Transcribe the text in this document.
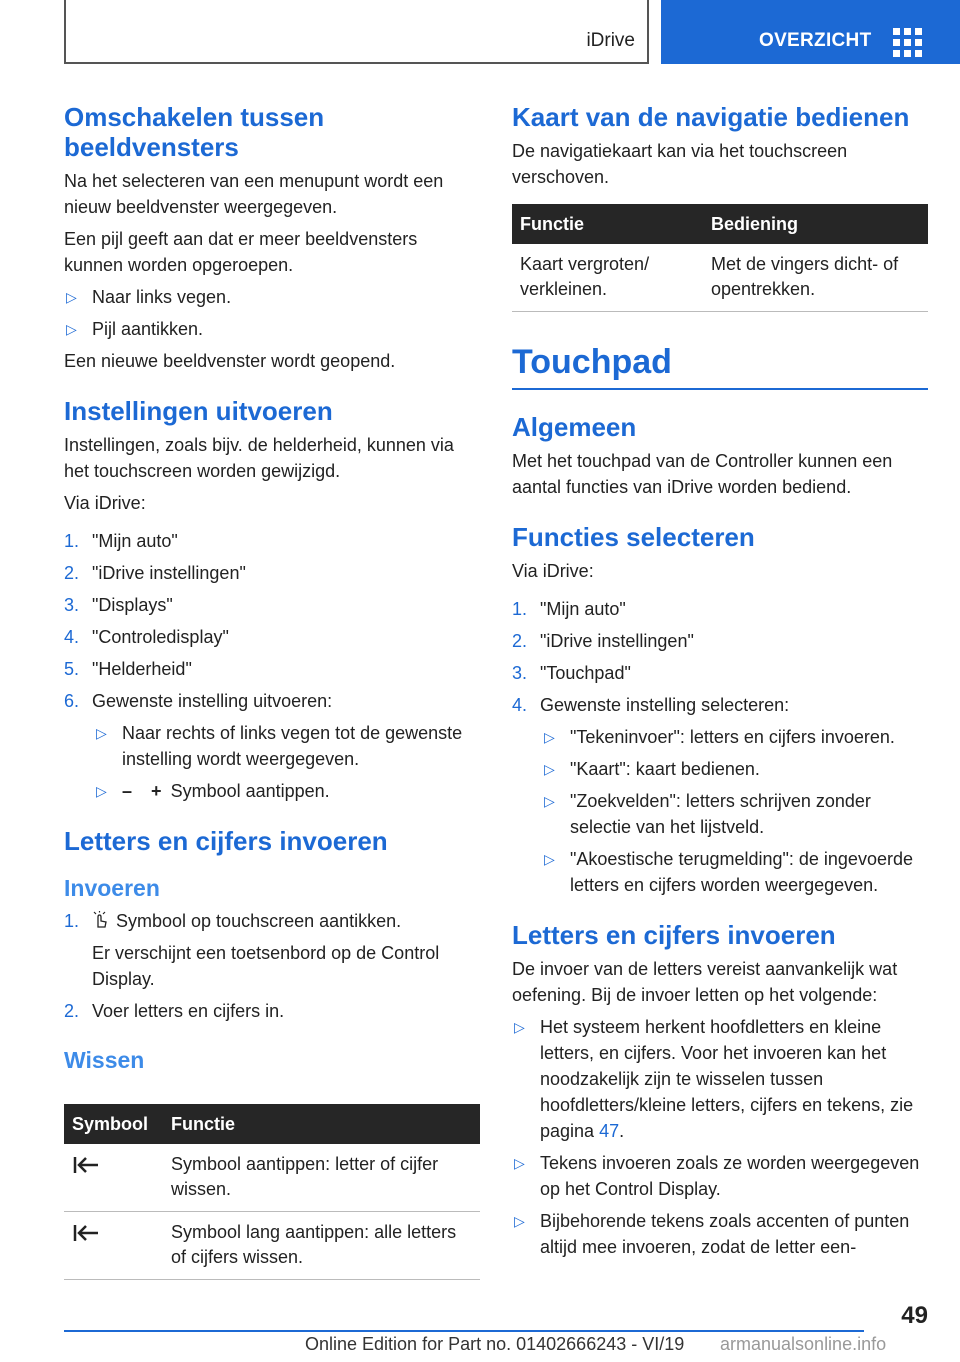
iDrive	OVERZICHT
Omschakelen tussen beeldvensters

Na het selecteren van een menupunt wordt een nieuw beeldvenster weergegeven.

Een pijl geeft aan dat er meer beeldvensters kunnen worden opgeroepen.

▷ Naar links vegen.
▷ Pijl aantikken.

Een nieuwe beeldvenster wordt geopend.

Instellingen uitvoeren

Instellingen, zoals bijv. de helderheid, kunnen via het touchscreen worden gewijzigd.

Via iDrive:

1. "Mijn auto"
2. "iDrive instellingen"
3. "Displays"
4. "Controledisplay"
5. "Helderheid"
6. Gewenste instelling uitvoeren:
▷ Naar rechts of links vegen tot de gewenste instelling wordt weergegeven.
▷ – + Symbool aantippen.
Letters en cijfers invoeren
Invoeren
1. Symbool op touchscreen aantikken.
Er verschijnt een toetsenbord op de Control Display.
2. Voer letters en cijfers in.
Wissen
Symbool	Functie
	Symbool aantippen: letter of cijfer wissen.
	Symbool lang aantippen: alle letters of cijfers wissen.
Kaart van de navigatie bedienen

De navigatiekaart kan via het touchscreen verschoven.

Functie	Bediening
Kaart vergroten/ verkleinen.	Met de vingers dicht- of opentrekken.
Touchpad
Algemeen

Met het touchpad van de Controller kunnen een aantal functies van iDrive worden bediend.

Functies selecteren

Via iDrive:

1. "Mijn auto"
2. "iDrive instellingen"
3. "Touchpad"
4. Gewenste instelling selecteren:
▷ "Tekeninvoer": letters en cijfers invoeren.
▷ "Kaart": kaart bedienen.
▷ "Zoekvelden": letters schrijven zonder selectie van het lijstveld.
▷ "Akoestische terugmelding": de ingevoerde letters en cijfers worden weergegeven.
Letters en cijfers invoeren

De invoer van de letters vereist aanvankelijk wat oefening. Bij de invoer letten op het volgende:

▷ Het systeem herkent hoofdletters en kleine letters, en cijfers. Voor het invoeren kan het noodzakelijk zijn te wisselen tussen hoofdletters/kleine letters, cijfers en tekens, zie pagina 47.
▷ Tekens invoeren zoals ze worden weergegeven op het Control Display.
▷ Bijbehorende tekens zoals accenten of punten altijd mee invoeren, zodat de letter een-
49
Online Edition for Part no. 01402666243 - VI/19 armanualsonline.info
